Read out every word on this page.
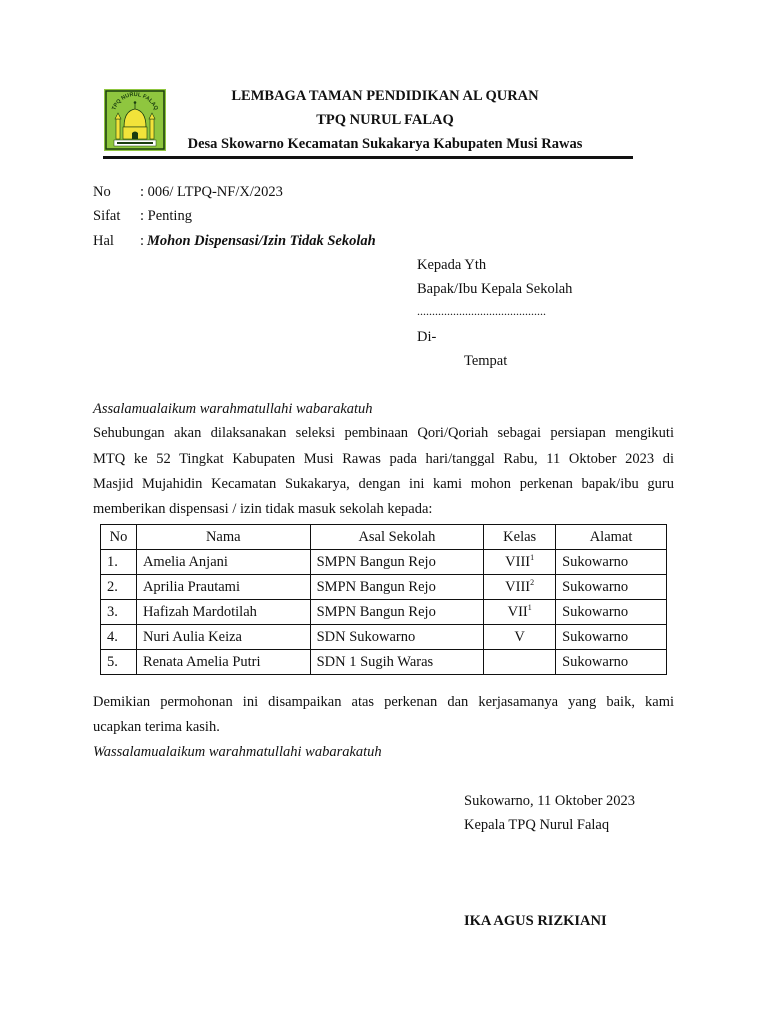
TPQ NURUL FALAQ
LEMBAGA TAMAN PENDIDIKAN AL QURAN
TPQ NURUL FALAQ
Desa Skowarno Kecamatan Sukakarya Kabupaten Musi Rawas
No : 006/ LTPQ-NF/X/2023
Sifat : Penting
Hal : Mohon Dispensasi/Izin Tidak Sekolah
Kepada Yth
Bapak/Ibu Kepala Sekolah
...........................................
Di-
Tempat
Assalamualaikum warahmatullahi wabarakatuh
Sehubungan akan dilaksanakan seleksi pembinaan Qori/Qoriah sebagai persiapan mengikuti
MTQ ke 52 Tingkat Kabupaten Musi Rawas pada hari/tanggal Rabu, 11 Oktober 2023 di
Masjid Mujahidin Kecamatan Sukakarya, dengan ini kami mohon perkenan bapak/ibu guru
memberikan dispensasi / izin tidak masuk sekolah kepada:
No	Nama	Asal Sekolah	Kelas	Alamat
1.	Amelia Anjani	SMPN Bangun Rejo	VIII$^1$	Sukowarno
2.	Aprilia Prautami	SMPN Bangun Rejo	VIII$^2$	Sukowarno
3.	Hafizah Mardotilah	SMPN Bangun Rejo	VII$^1$	Sukowarno
4.	Nuri Aulia Keiza	SDN Sukowarno	V	Sukowarno
5.	Renata Amelia Putri	SDN 1 Sugih Waras		Sukowarno
Demikian permohonan ini disampaikan atas perkenan dan kerjasamanya yang baik, kami
ucapkan terima kasih.
Wassalamualaikum warahmatullahi wabarakatuh
Sukowarno, 11 Oktober 2023
Kepala TPQ Nurul Falaq
IKA AGUS RIZKIANI
